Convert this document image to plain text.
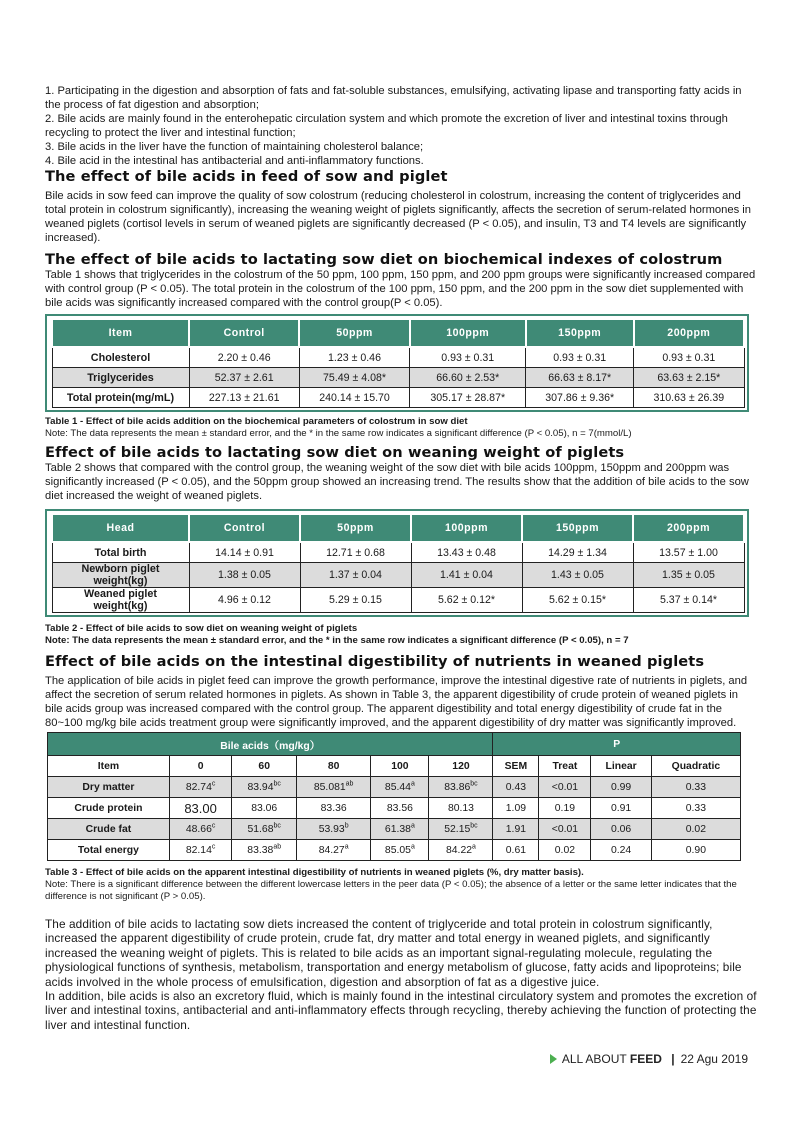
1. Participating in the digestion and absorption of fats and fat-soluble substances, emulsifying, activating lipase and transporting fatty acids in the process of fat digestion and absorption;

2. Bile acids are mainly found in the enterohepatic circulation system and which promote the excretion of liver and intestinal toxins through recycling to protect the liver and intestinal function;

3. Bile acids in the liver have the function of maintaining cholesterol balance;

4. Bile acid in the intestinal has antibacterial and anti-inflammatory functions.

The effect of bile acids in feed of sow and piglet

Bile acids in sow feed can improve the quality of sow colostrum (reducing cholesterol in colostrum, increasing the content of triglycerides and total protein in colostrum significantly), increasing the weaning weight of piglets significantly, affects the secretion of serum-related hormones in weaned piglets (cortisol levels in serum of weaned piglets are significantly decreased (P < 0.05), and insulin, T3 and T4 levels are significantly increased).

The effect of bile acids to lactating sow diet on biochemical indexes of colostrum

Table 1 shows that triglycerides in the colostrum of the 50 ppm, 100 ppm, 150 ppm, and 200 ppm groups were significantly increased compared with control group (P < 0.05). The total protein in the colostrum of the 100 ppm, 150 ppm, and the 200 ppm in the sow diet supplemented with bile acids was significantly increased compared with the control group(P < 0.05).

Item	Control	50ppm	100ppm	150ppm	200ppm
Cholesterol	2.20 ± 0.46	1.23 ± 0.46	0.93 ± 0.31	0.93 ± 0.31	0.93 ± 0.31
Triglycerides	52.37 ± 2.61	75.49 ± 4.08*	66.60 ± 2.53*	66.63 ± 8.17*	63.63 ± 2.15*
Total protein(mg/mL)	227.13 ± 21.61	240.14 ± 15.70	305.17 ± 28.87*	307.86 ± 9.36*	310.63 ± 26.39

Table 1 - Effect of bile acids addition on the biochemical parameters of colostrum in sow diet

Note: The data represents the mean ± standard error, and the * in the same row indicates a significant difference (P < 0.05), n = 7(mmol/L)

Effect of bile acids to lactating sow diet on weaning weight of piglets

Table 2 shows that compared with the control group, the weaning weight of the sow diet with bile acids 100ppm, 150ppm and 200ppm was significantly increased (P < 0.05), and the 50ppm group showed an increasing trend. The results show that the addition of bile acids to the sow diet increased the weight of weaned piglets.

Head	Control	50ppm	100ppm	150ppm	200ppm
Total birth	14.14 ± 0.91	12.71 ± 0.68	13.43 ± 0.48	14.29 ± 1.34	13.57 ± 1.00
Newborn piglet weight(kg)	1.38 ± 0.05	1.37 ± 0.04	1.41 ± 0.04	1.43 ± 0.05	1.35 ± 0.05
Weaned piglet weight(kg)	4.96 ± 0.12	5.29 ± 0.15	5.62 ± 0.12*	5.62 ± 0.15*	5.37 ± 0.14*

Table 2 - Effect of bile acids to sow diet on weaning weight of piglets

Note: The data represents the mean ± standard error, and the * in the same row indicates a significant difference (P < 0.05), n = 7

Effect of bile acids on the intestinal digestibility of nutrients in weaned piglets

The application of bile acids in piglet feed can improve the growth performance, improve the intestinal digestive rate of nutrients in piglets, and affect the secretion of serum related hormones in piglets. As shown in Table 3, the apparent digestibility of crude protein of weaned piglets in bile acids group was increased compared with the control group. The apparent digestibility and total energy digestibility of crude fat in the 80~100 mg/kg bile acids treatment group were significantly improved, and the apparent digestibility of dry matter was significantly improved.

Bile acids（mg/kg）						P			
Item	0	60	80	100	120	SEM	Treat	Linear	Quadratic
Dry matter	82.74$^c$	83.94$^{bc}$	85.081$^{ab}$	85.44$^a$	83.86$^{bc}$	0.43	<0.01	0.99	0.33
Crude protein	83.00	83.06	83.36	83.56	80.13	1.09	0.19	0.91	0.33
Crude fat	48.66$^c$	51.68$^{bc}$	53.93$^b$	61.38$^a$	52.15$^{bc}$	1.91	<0.01	0.06	0.02
Total energy	82.14$^c$	83.38$^{ab}$	84.27$^a$	85.05$^a$	84.22$^a$	0.61	0.02	0.24	0.90

Table 3 - Effect of bile acids on the apparent intestinal digestibility of nutrients in weaned piglets (%, dry matter basis).

Note: There is a significant difference between the different lowercase letters in the peer data (P < 0.05); the absence of a letter or the same letter indicates that the difference is not significant (P > 0.05).

The addition of bile acids to lactating sow diets increased the content of triglyceride and total protein in colostrum significantly, increased the apparent digestibility of crude protein, crude fat, dry matter and total energy in weaned piglets, and significantly increased the weaning weight of piglets. This is related to bile acids as an important signal-regulating molecule, regulating the physiological functions of synthesis, metabolism, transportation and energy metabolism of glucose, fatty acids and lipoproteins; bile acids involved in the whole process of emulsification, digestion and absorption of fat as a digestive juice.

In addition, bile acids is also an excretory fluid, which is mainly found in the intestinal circulatory system and promotes the excretion of liver and intestinal toxins, antibacterial and anti-inflammatory effects through recycling, thereby achieving the function of protecting the liver and intestinal function.

ALL ABOUT FEED | 22 Agu 2019
